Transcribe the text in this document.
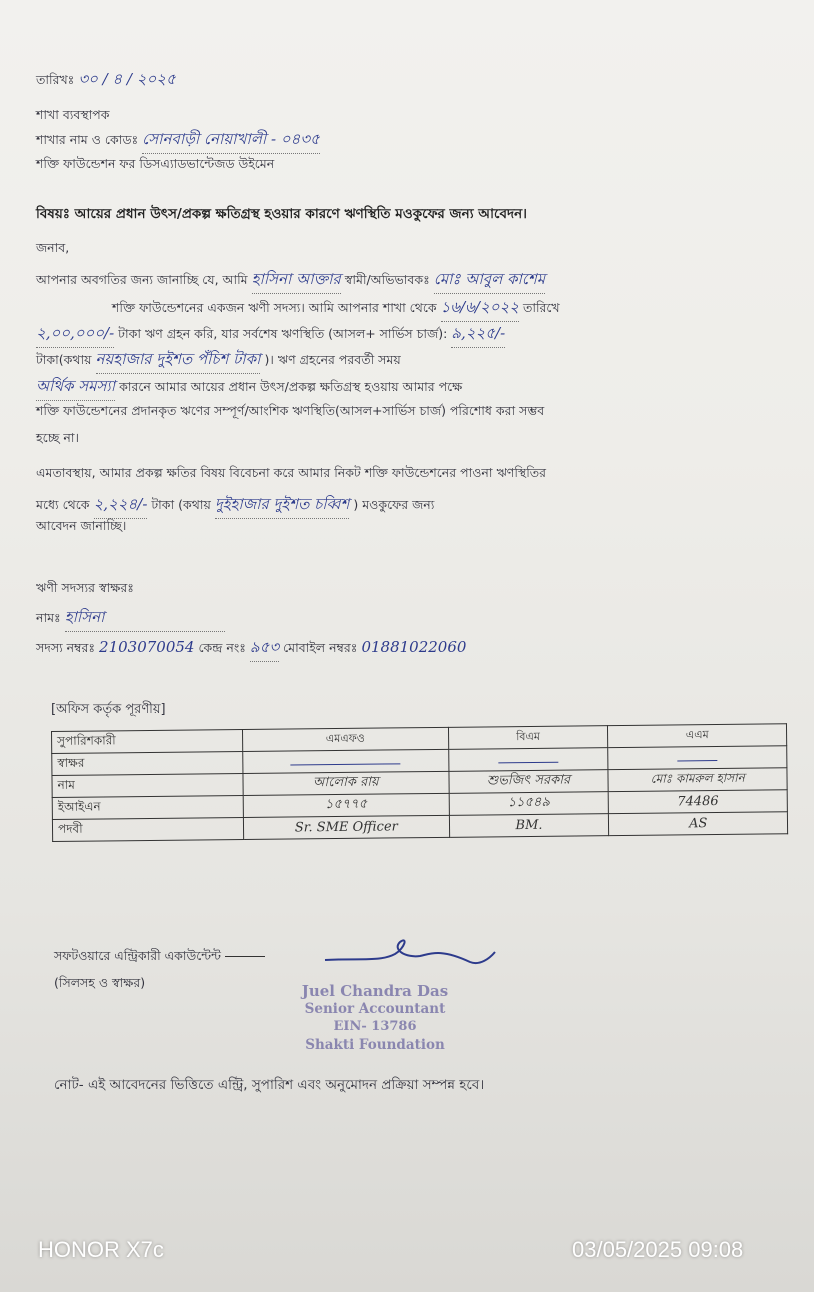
তারিখঃ ৩০ / ৪ / ২০২৫
শাখা ব্যবস্থাপক
শাখার নাম ও কোডঃ সোনবাড়ী নোয়াখালী - ০৪৩৫
শক্তি ফাউন্ডেশন ফর ডিসএ্যাডভান্টেজড উইমেন
বিষয়ঃ আয়ের প্রধান উৎস/প্রকল্প ক্ষতিগ্রস্থ হওয়ার কারণে ঋণস্থিতি মওকুফের জন্য আবেদন।
জনাব,
আপনার অবগতির জন্য জানাচ্ছি যে, আমি হাসিনা আক্তার স্বামী/অভিভাবকঃ মোঃ আবুল কাশেম
শক্তি ফাউন্ডেশনের একজন ঋণী সদস্য। আমি আপনার শাখা থেকে ১৬/৬/২০২২ তারিখে
২,০০,০০০/- টাকা ঋণ গ্রহন করি, যার সর্বশেষ ঋণস্থিতি (আসল+ সার্ভিস চার্জ): ৯,২২৫/-
টাকা(কথায় নয়হাজার দুইশত পঁচিশ টাকা )। ঋণ গ্রহনের পরবর্তী সময়
অর্থিক সমস্যা কারনে আমার আয়ের প্রধান উৎস/প্রকল্প ক্ষতিগ্রস্থ হওয়ায় আমার পক্ষে
শক্তি ফাউন্ডেশনের প্রদানকৃত ঋণের সম্পূর্ণ/আংশিক ঋণস্থিতি(আসল+সার্ভিস চার্জ) পরিশোধ করা সম্ভব
হচ্ছে না।
এমতাবস্থায়, আমার প্রকল্প ক্ষতির বিষয় বিবেচনা করে আমার নিকট শক্তি ফাউন্ডেশনের পাওনা ঋণস্থিতির
মধ্যে থেকে ২,২২৪/- টাকা (কথায় দুইহাজার দুইশত চব্বিশ ) মওকুফের জন্য
আবেদন জানাচ্ছি।
ঋণী সদস্যর স্বাক্ষরঃ
নামঃ হাসিনা
সদস্য নম্বরঃ 2103070054 কেন্দ্র নংঃ ৯৫৩ মোবাইল নম্বরঃ 01881022060
[অফিস কর্তৃক পূরণীয়]
সুপারিশকারী	এমএফও	বিএম	এএম
স্বাক্ষর			
নাম	আলোক রায়	শুভজিৎ সরকার	মোঃ কামরুল হাসান
ইআইএন	১৫৭৭৫	১১৫৪৯	74486
পদবী	Sr. SME Officer	BM.	AS
সফটওয়ারে এন্ট্রিকারী একাউন্টেন্ট
(সিলসহ ও স্বাক্ষর)	Juel Chandra Das
Senior Accountant
EIN- 13786
Shakti Foundation
নোট- এই আবেদনের ভিত্তিতে এন্ট্রি, সুপারিশ এবং অনুমোদন প্রক্রিয়া সম্পন্ন হবে।
HONOR X7c	03/05/2025 09:08
